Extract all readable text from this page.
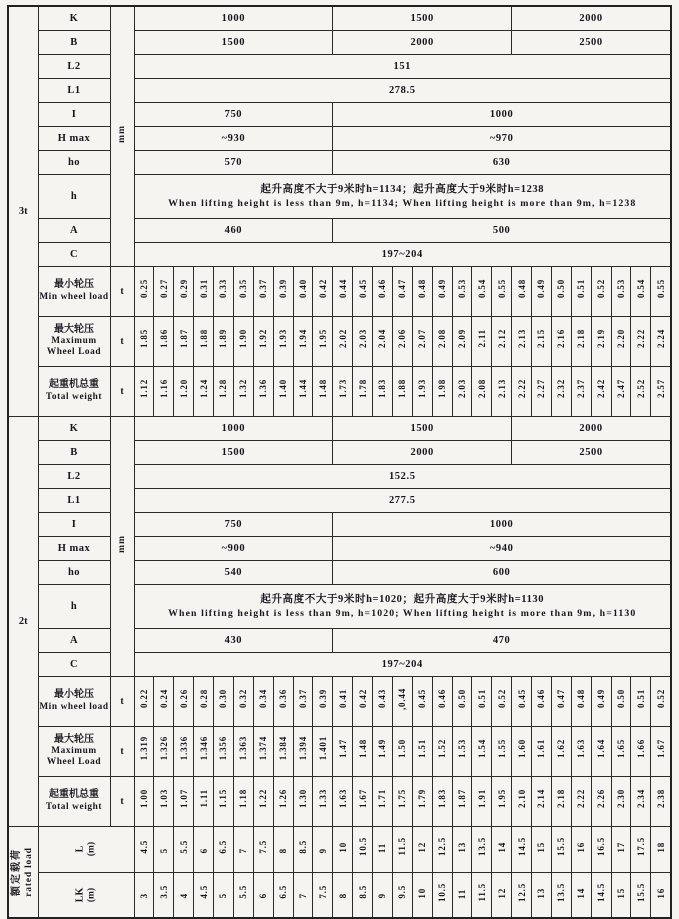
3t	K	mm	1000										1500									2000							
	B		1500										2000									2500							
	L2		151																										
	L1		278.5																										
	I		750										1000																
	H max		~930										~970																
	ho		570										630																
	h		起升高度不大于9米时h=1134；起升高度大于9米时h=1238
When lifting height is less than 9m, h=1134; When lifting height is more than 9m, h=1238																										

	A		460										500																
	C		197~204																										

	最小轮压
Min wheel load	t	0.25	0.27	0.29	0.31	0.33	0.35	0.37	0.39	0.40	0.42	0.44	0.45	0.46	0.47	0.48	0.49	0.53	0.54	0.55	0.48	0.49	0.50	0.51	0.52	0.53	0.54	0.55

	最大轮压
Maximum Wheel Load	t	1.85	1.86	1.87	1.88	1.89	1.90	1.92	1.93	1.94	1.95	2.02	2.03	2.04	2.06	2.07	2.08	2.09	2.11	2.12	2.13	2.15	2.16	2.18	2.19	2.20	2.22	2.24

	起重机总重
Total weight	t	1.12	1.16	1.20	1.24	1.28	1.32	1.36	1.40	1.44	1.48	1.73	1.78	1.83	1.88	1.93	1.98	2.03	2.08	2.13	2.22	2.27	2.32	2.37	2.42	2.47	2.52	2.57
2t	K	mm	1000										1500									2000							
	B		1500										2000									2500							
	L2		152.5																										
	L1		277.5																										
	I		750										1000																
	H max		~900										~940																
	ho		540										600																
	h		起升高度不大于9米时h=1020；起升高度大于9米时h=1130
When lifting height is less than 9m, h=1020; When lifting height is more than 9m, h=1130																										

	A		430										470																
	C		197~204																										

	最小轮压
Min wheel load	t	0.22	0.24	0.26	0.28	0.30	0.32	0.34	0.36	0.37	0.39	0.41	0.42	0.43	,0.44	0.45	0.46	0.50	0.51	0.52	0.45	0.46	0.47	0.48	0.49	0.50	0.51	0.52

	最大轮压
Maximum Wheel Load	t	1.319	1.326	1.336	1.346	1.356	1.363	1.374	1.384	1.394	1.401	1.47	1.48	1.49	1.50	1.51	1.52	1.53	1.54	1.55	1.60	1.61	1.62	1.63	1.64	1.65	1.66	1.67

	起重机总重
Total weight	t	1.00	1.03	1.07	1.11	1.15	1.18	1.22	1.26	1.30	1.33	1.63	1.67	1.71	1.75	1.79	1.83	1.87	1.91	1.95	2.10	2.14	2.18	2.22	2.26	2.30	2.34	2.38

额定载荷 rated load	L (m)	4.5	5	5.5	6	6.5	7	7.5	8	8.5	9	10	10.5	11	11.5	12	12.5	13	13.5	14	14.5	15	15.5	16	16.5	17	17.5	18

	LK (m)		3	3.5	4	4.5	5	5.5	6	6.5	7	7.5	8	8.5	9	9.5	10	10.5	11	11.5	12	12.5	13	13.5	14	14.5	15	15.5	16
